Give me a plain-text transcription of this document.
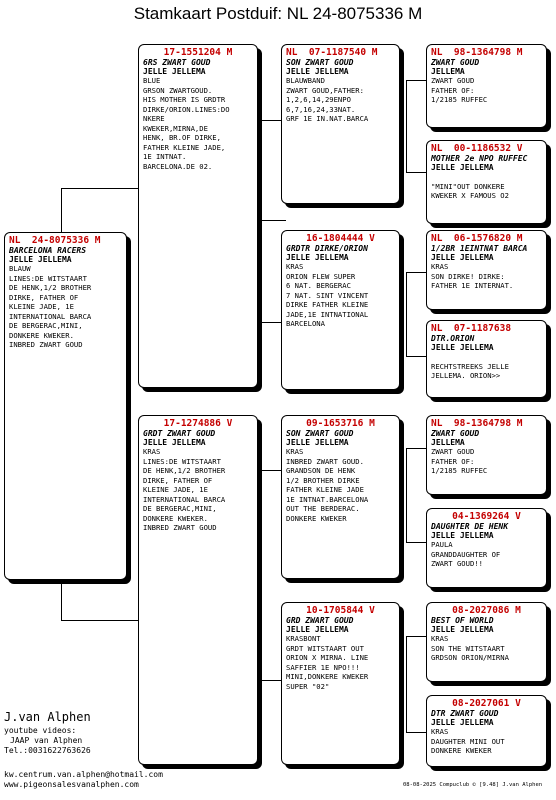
Stamkaart Postduif: NL 24-8075336 M
NL  24-8075336 M
BARCELONA RACERS
JELLE JELLEMA
BLAUW
LINES:DE WITSTAART
DE HENK,1/2 BROTHER
DIRKE, FATHER OF
KLEINE JADE, 1E
INTERNATIONAL BARCA
DE BERGERAC,MINI,
DONKERE KWEKER.
INBRED ZWART GOUD
17-1551204 M
6RS ZWART GOUD
JELLE JELLEMA
BLUE
GRSON ZWARTGOUD.
HIS MOTHER IS GRDTR
DIRKE/ORION.LINES:DO
NKERE
KWEKER,MIRNA,DE
HENK, BR.OF DIRKE,
FATHER KLEINE JADE,
1E INTNAT.
BARCELONA.DE 02.
17-1274886 V
GRDT ZWART GOUD
JELLE JELLEMA
KRAS
LINES:DE WITSTAART
DE HENK,1/2 BROTHER
DIRKE, FATHER OF
KLEINE JADE, 1E
INTERNATIONAL BARCA
DE BERGERAC,MINI,
DONKERE KWEKER.
INBRED ZWART GOUD
NL  07-1187540 M
SON ZWART GOUD
JELLE JELLEMA
BLAUWBAND
ZWART GOUD,FATHER:
1,2,6,14,29ENPO
6,7,16,24,33NAT.
GRF 1E IN.NAT.BARCA
16-1804444 V
GRDTR DIRKE/ORION
JELLE JELLEMA
KRAS
ORION FLEW SUPER
6 NAT. BERGERAC
7 NAT. SINT VINCENT
DIRKE FATHER KLEINE
JADE,1E INTNATIONAL
BARCELONA
09-1653716 M
SON ZWART GOUD
JELLE JELLEMA
KRAS
INBRED ZWART GOUD.
GRANDSON DE HENK
1/2 BROTHER DIRKE
FATHER KLEINE JADE
1E INTNAT.BARCELONA
OUT THE BERDERAC.
DONKERE KWEKER
10-1705844 V
GRD ZWART GOUD
JELLE JELLEMA
KRASBONT
GRDT WITSTAART OUT
ORION X MIRNA. LINE
SAFFIER 1E NPO!!!
MINI,DONKERE KWEKER
SUPER "02"
NL  98-1364798 M
ZWART GOUD
JELLEMA
ZWART GOUD
FATHER OF:
1/2185 RUFFEC
NL  00-1186532 V
MOTHER 2e NPO RUFFEC
JELLE JELLEMA

"MINI"OUT DONKERE
KWEKER X FAMOUS O2
NL  06-1576820 M
1/2BR 1EINTNAT BARCA
JELLE JELLEMA
KRAS
SON DIRKE! DIRKE:
FATHER 1E INTERNAT.
NL  07-1187638
DTR.ORION
JELLE JELLEMA

RECHTSTREEKS JELLE
JELLEMA. ORION>>
NL  98-1364798 M
ZWART GOUD
JELLEMA
ZWART GOUD
FATHER OF:
1/2185 RUFFEC
04-1369264 V
DAUGHTER DE HENK
JELLE JELLEMA
PAULA
GRANDDAUGHTER OF
ZWART GOUD!!
08-2027086 M
BEST OF WORLD
JELLE JELLEMA
KRAS
SON THE WITSTAART
GRDSON ORION/MIRNA
08-2027061 V
DTR ZWART GOUD
JELLE JELLEMA
KRAS
DAUGHTER MINI OUT
DONKERE KWEKER
J.van Alphen
youtube videos:
JAAP van Alphen
Tel.:0031622763626
kw.centrum.van.alphen@hotmail.com
www.pigeonsalesvanalphen.com	08-08-2025 Compuclub © [9.48] J.van Alphen
